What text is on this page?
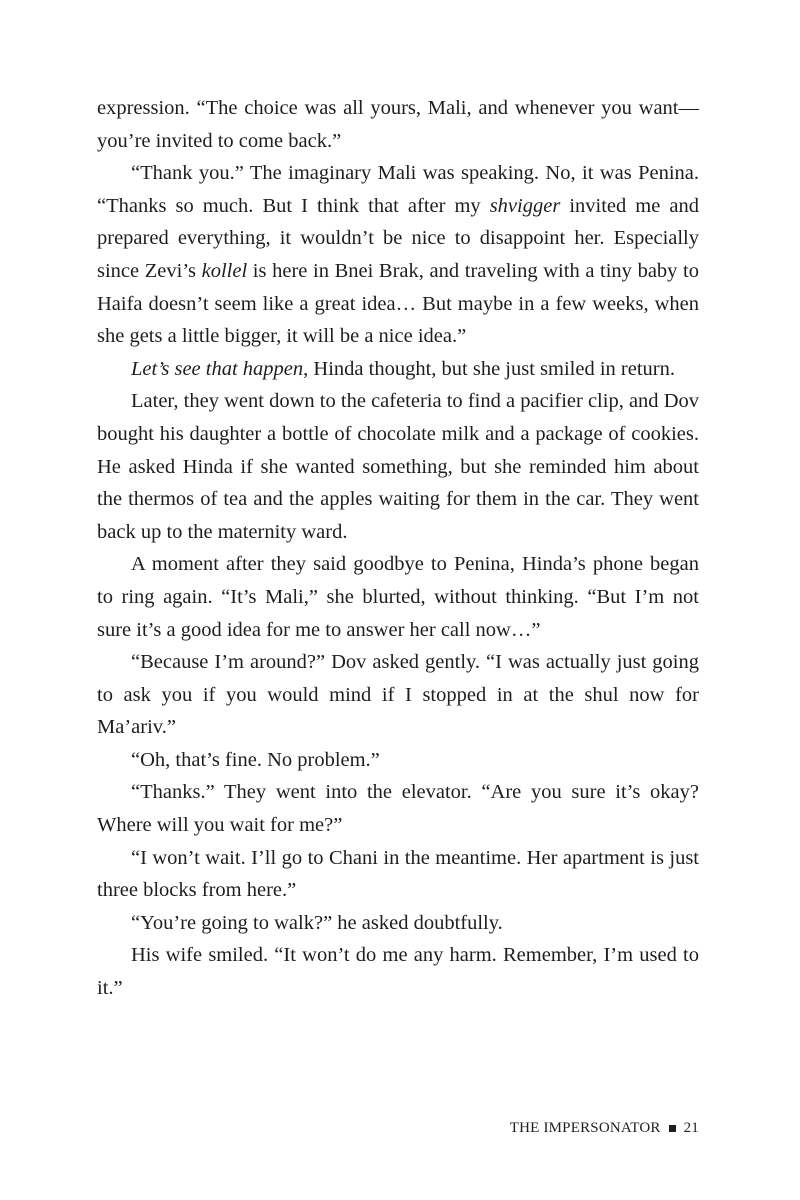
expression. “The choice was all yours, Mali, and whenever you want—you’re invited to come back.”

“Thank you.” The imaginary Mali was speaking. No, it was Penina. “Thanks so much. But I think that after my shvigger invited me and prepared everything, it wouldn’t be nice to disappoint her. Especially since Zevi’s kollel is here in Bnei Brak, and traveling with a tiny baby to Haifa doesn’t seem like a great idea… But maybe in a few weeks, when she gets a little bigger, it will be a nice idea.”

Let’s see that happen, Hinda thought, but she just smiled in return.

Later, they went down to the cafeteria to find a pacifier clip, and Dov bought his daughter a bottle of chocolate milk and a package of cookies. He asked Hinda if she wanted something, but she reminded him about the thermos of tea and the apples waiting for them in the car. They went back up to the maternity ward.

A moment after they said goodbye to Penina, Hinda’s phone began to ring again. “It’s Mali,” she blurted, without thinking. “But I’m not sure it’s a good idea for me to answer her call now…”

“Because I’m around?” Dov asked gently. “I was actually just going to ask you if you would mind if I stopped in at the shul now for Ma’ariv.”

“Oh, that’s fine. No problem.”

“Thanks.” They went into the elevator. “Are you sure it’s okay? Where will you wait for me?”

“I won’t wait. I’ll go to Chani in the meantime. Her apartment is just three blocks from here.”

“You’re going to walk?” he asked doubtfully.

His wife smiled. “It won’t do me any harm. Remember, I’m used to it.”

THE IMPERSONATOR 21
